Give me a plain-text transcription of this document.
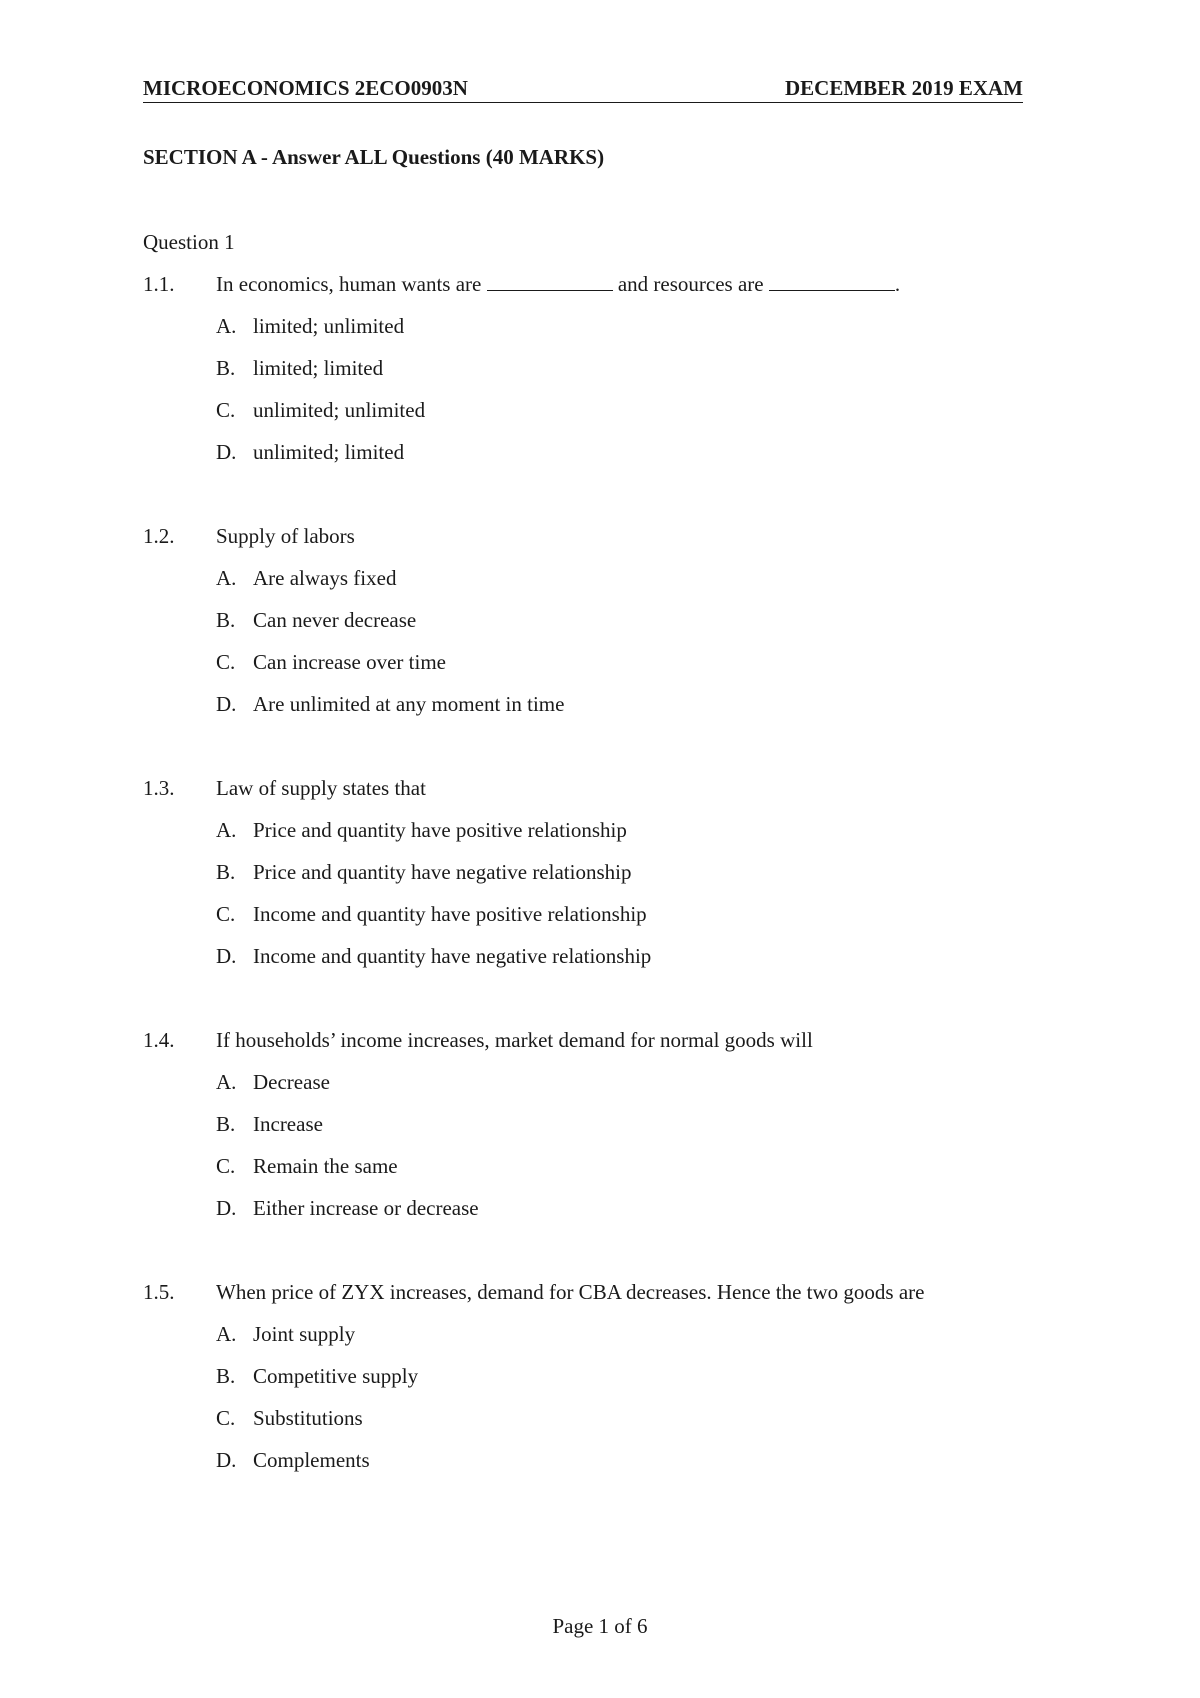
MICROECONOMICS 2ECO0903N	DECEMBER 2019 EXAM
SECTION A - Answer ALL Questions (40 MARKS)
Question 1
1.1. In economics, human wants are	and resources are	.
A. limited; unlimited
B. limited; limited
C. unlimited; unlimited
D. unlimited; limited
1.2. Supply of labors
A. Are always fixed
B. Can never decrease
C. Can increase over time
D. Are unlimited at any moment in time
1.3. Law of supply states that
A. Price and quantity have positive relationship
B. Price and quantity have negative relationship
C. Income and quantity have positive relationship
D. Income and quantity have negative relationship
1.4. If households’ income increases, market demand for normal goods will
A. Decrease
B. Increase
C. Remain the same
D. Either increase or decrease
1.5. When price of ZYX increases, demand for CBA decreases. Hence the two goods are
A. Joint supply
B. Competitive supply
C. Substitutions
D. Complements
Page 1 of 6
